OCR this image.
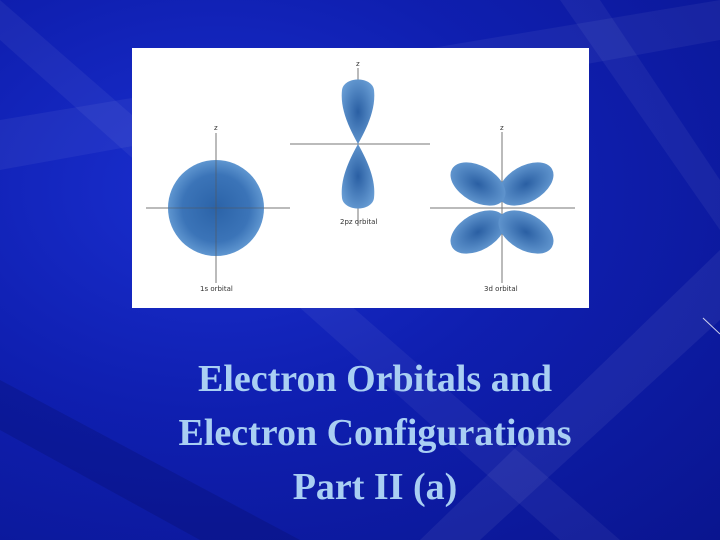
z
1s orbital
z
2pz orbital
z
3d orbital
Electron Orbitals and
Electron Configurations
Part II (a)
